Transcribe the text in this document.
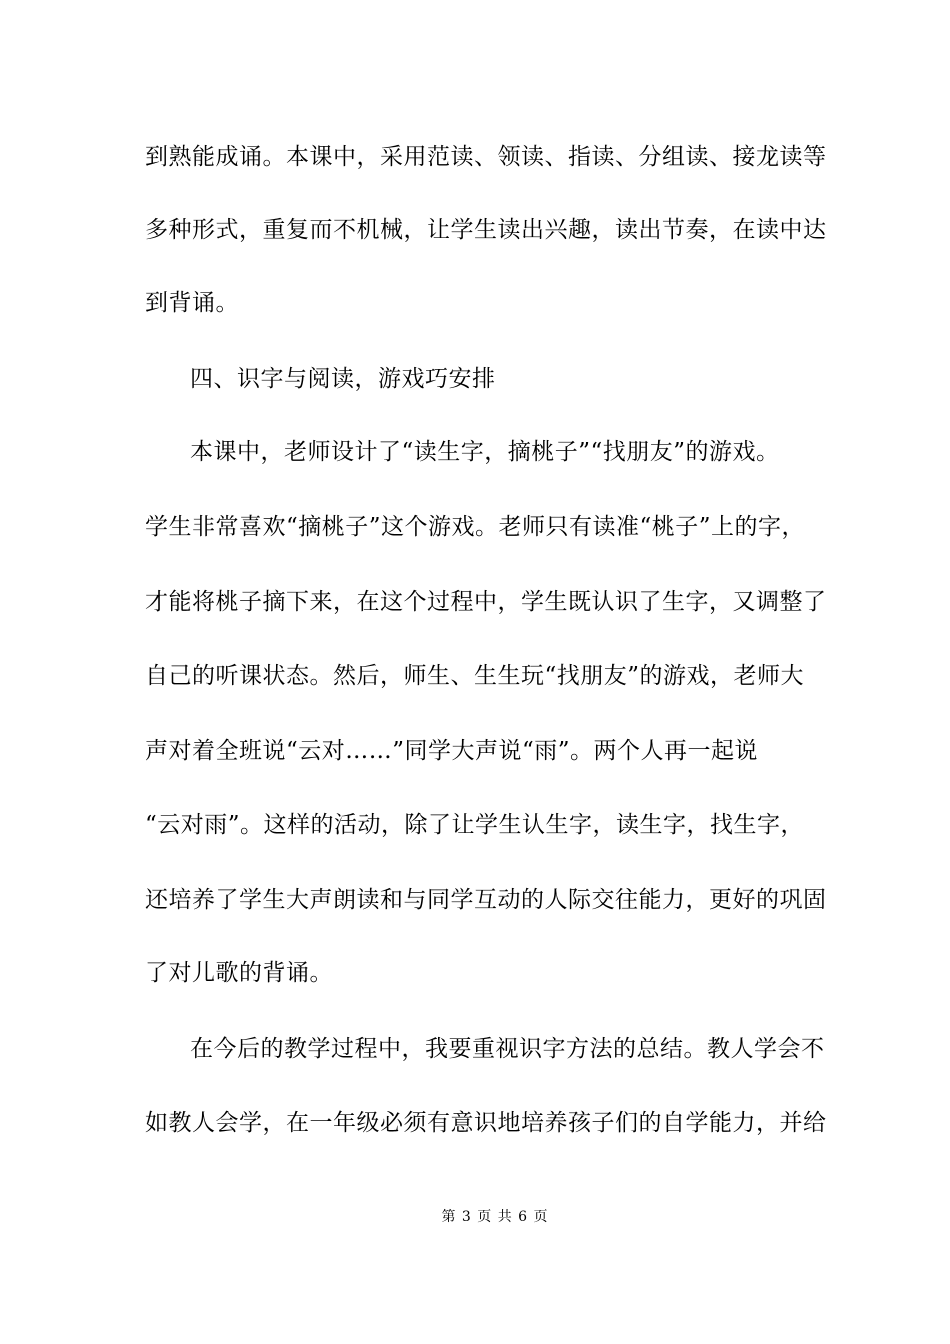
到熟能成诵。本课中，采用范读、领读、指读、分组读、接龙读等
多种形式，重复而不机械，让学生读出兴趣，读出节奏，在读中达
到背诵。
四、识字与阅读，游戏巧安排
本课中，老师设计了“读生字，摘桃子”“找朋友”的游戏。
学生非常喜欢“摘桃子”这个游戏。老师只有读准“桃子”上的字，
才能将桃子摘下来，在这个过程中，学生既认识了生字，又调整了
自己的听课状态。然后，师生、生生玩“找朋友”的游戏，老师大
声对着全班说“云对……”同学大声说“雨”。两个人再一起说
“云对雨”。这样的活动，除了让学生认生字，读生字，找生字，
还培养了学生大声朗读和与同学互动的人际交往能力，更好的巩固
了对儿歌的背诵。
在今后的教学过程中，我要重视识字方法的总结。教人学会不
如教人会学，在一年级必须有意识地培养孩子们的自学能力，并给
第 3 页 共 6 页
